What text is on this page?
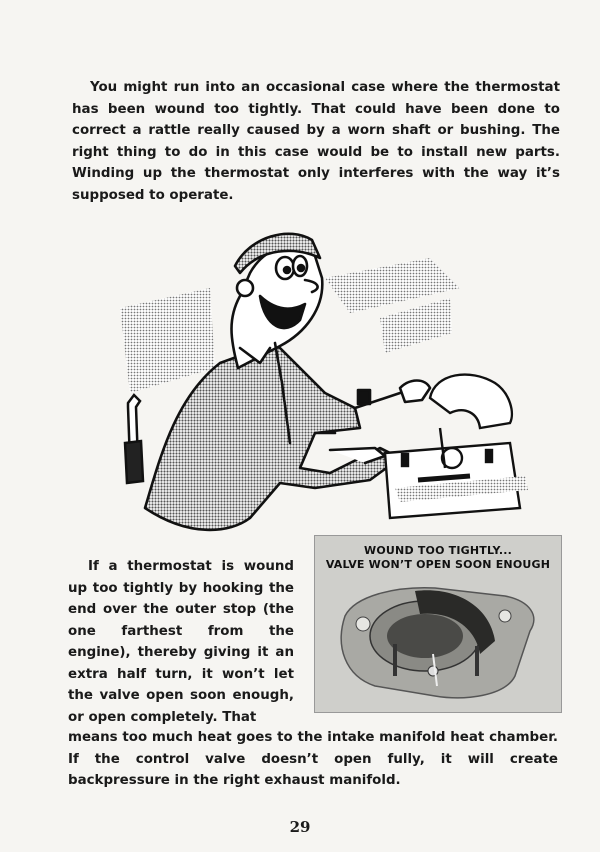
You might run into an occasional case where the thermostat has been wound too tightly. That could have been done to correct a rattle really caused by a worn shaft or bushing. The right thing to do in this case would be to install new parts. Winding up the thermostat only interferes with the way it’s supposed to operate.

If a thermostat is wound up too tightly by hooking the end over the outer stop (the one farthest from the engine), thereby giving it an extra half turn, it won’t let the valve open soon enough, or open completely. That

WOUND TOO TIGHTLY...
VALVE WON’T OPEN SOON ENOUGH

means too much heat goes to the intake manifold heat chamber. If the control valve doesn’t open fully, it will create backpressure in the right exhaust manifold.

29
